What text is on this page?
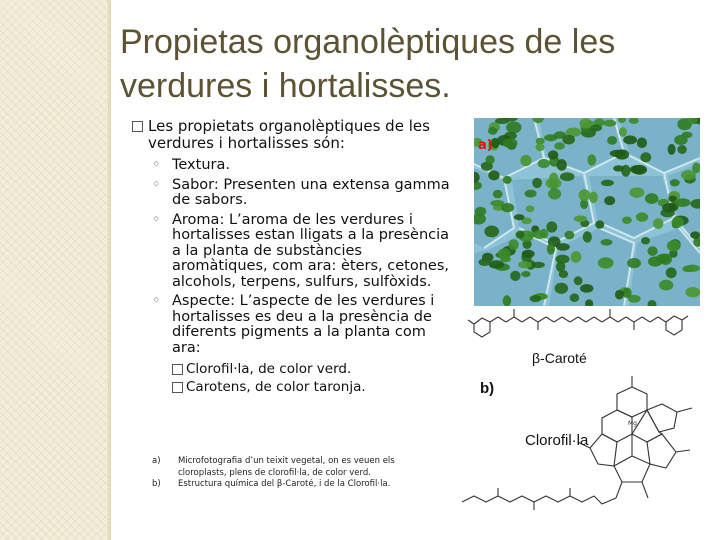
Propietas organolèptiques de les verdures i hortalisses.
Les propietats organolèptiques de les verdures i hortalisses són:
◦ Textura.
◦ Sabor: Presenten una extensa gamma de sabors.
◦ Aroma: L’aroma de les verdures i hortalisses estan lligats a la presència a la planta de substàncies aromàtiques, com ara: èters, cetones, alcohols, terpens, sulfurs, sulfòxids.
◦ Aspecte: L’aspecte de les verdures i hortalisses es deu a la presència de diferents pigments a la planta com ara:
Clorofil·la, de color verd.
Carotens, de color taronja.
a) Microfotografia d’un teixit vegetal, on es veuen els cloroplasts, plens de clorofil·la, de color verd.
b) Estructura química del β-Caroté, i de la Clorofil·la.
a)
β-Caroté
Mg
b)
Clorofil·la
